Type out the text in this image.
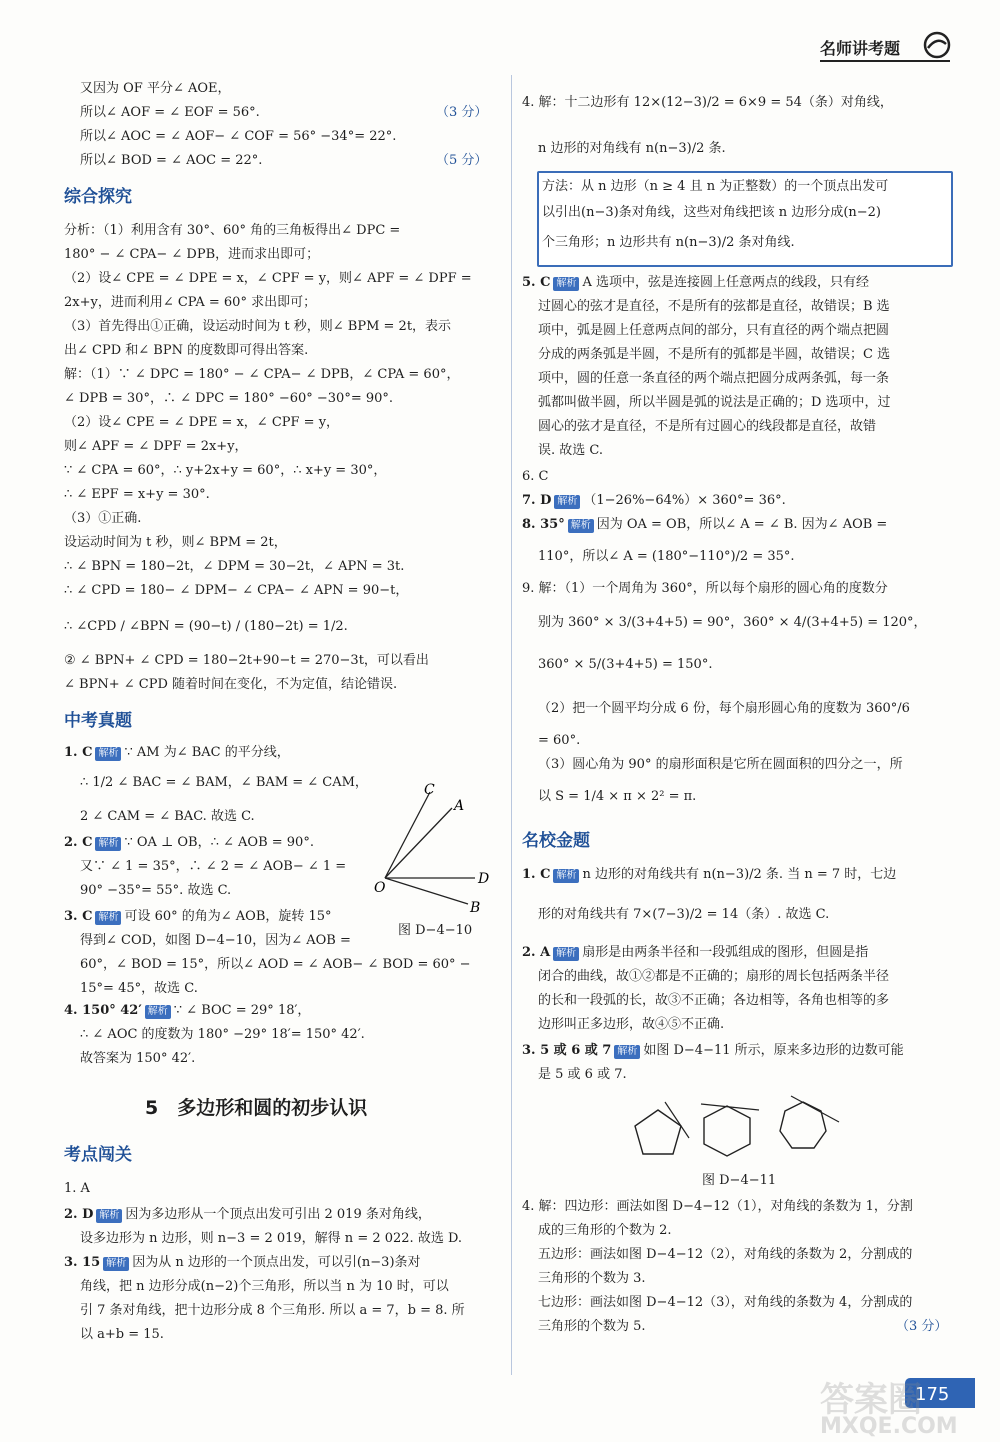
名师讲考题
又因为 OF 平分∠ AOE，
所以∠ AOF = ∠ EOF = 56°.	（3 分）
所以∠ AOC = ∠ AOF− ∠ COF = 56° −34°= 22°.
所以∠ BOD = ∠ AOC = 22°.	（5 分）
综合探究
分析：（1）利用含有 30°、60° 角的三角板得出∠ DPC =
180° − ∠ CPA− ∠ DPB，进而求出即可；
（2）设∠ CPE = ∠ DPE = x，∠ CPF = y，则∠ APF = ∠ DPF =
2x+y，进而利用∠ CPA = 60° 求出即可；
（3）首先得出①正确，设运动时间为 t 秒，则∠ BPM = 2t，表示
出∠ CPD 和∠ BPN 的度数即可得出答案.
解：（1）∵ ∠ DPC = 180° − ∠ CPA− ∠ DPB，∠ CPA = 60°，
∠ DPB = 30°，∴ ∠ DPC = 180° −60° −30°= 90°.
（2）设∠ CPE = ∠ DPE = x，∠ CPF = y，
则∠ APF = ∠ DPF = 2x+y，
∵ ∠ CPA = 60°，∴ y+2x+y = 60°，∴ x+y = 30°，
∴ ∠ EPF = x+y = 30°.
（3）①正确.
设运动时间为 t 秒，则∠ BPM = 2t，
∴ ∠ BPN = 180−2t，∠ DPM = 30−2t，∠ APN = 3t.
∴ ∠ CPD = 180− ∠ DPM− ∠ CPA− ∠ APN = 90−t，
∴ ∠CPD / ∠BPN = (90−t) / (180−2t) = 1/2.
② ∠ BPN+ ∠ CPD = 180−2t+90−t = 270−3t，可以看出
∠ BPN+ ∠ CPD 随着时间在变化，不为定值，结论错误.
中考真题
1. C 解析 ∵ AM 为∠ BAC 的平分线，
∴ 1/2 ∠ BAC = ∠ BAM，∠ BAM = ∠ CAM，
2 ∠ CAM = ∠ BAC. 故选 C.
2. C 解析 ∵ OA ⊥ OB，∴ ∠ AOB = 90°.
又∵ ∠ 1 = 35°，∴ ∠ 2 = ∠ AOB− ∠ 1 =
90° −35°= 55°. 故选 C.
3. C 解析 可设 60° 的角为∠ AOB，旋转 15°
得到∠ COD，如图 D−4−10，因为∠ AOB =
60°，∠ BOD = 15°，所以∠ AOD = ∠ AOB− ∠ BOD = 60° −
15°= 45°，故选 C.
4. 150° 42′ 解析 ∵ ∠ BOC = 29° 18′，
∴ ∠ AOC 的度数为 180° −29° 18′= 150° 42′.
故答案为 150° 42′.
5　多边形和圆的初步认识
考点闯关
1. A
2. D 解析 因为多边形从一个顶点出发可引出 2 019 条对角线，
设多边形为 n 边形，则 n−3 = 2 019，解得 n = 2 022. 故选 D.
3. 15 解析 因为从 n 边形的一个顶点出发，可以引(n−3)条对
角线，把 n 边形分成(n−2)个三角形，所以当 n 为 10 时，可以
引 7 条对角线，把十边形分成 8 个三角形. 所以 a = 7，b = 8. 所
以 a+b = 15.
4. 解：十二边形有 12×(12−3)/2 = 6×9 = 54（条）对角线，
n 边形的对角线有 n(n−3)/2 条.
方法：从 n 边形（n ≥ 4 且 n 为正整数）的一个顶点出发可
以引出(n−3)条对角线，这些对角线把该 n 边形分成(n−2)
个三角形；n 边形共有 n(n−3)/2 条对角线.
5. C 解析 A 选项中，弦是连接圆上任意两点的线段，只有经
过圆心的弦才是直径，不是所有的弦都是直径，故错误；B 选
项中，弧是圆上任意两点间的部分，只有直径的两个端点把圆
分成的两条弧是半圆，不是所有的弧都是半圆，故错误；C 选
项中，圆的任意一条直径的两个端点把圆分成两条弧，每一条
弧都叫做半圆，所以半圆是弧的说法是正确的；D 选项中，过
圆心的弦才是直径，不是所有过圆心的线段都是直径，故错
误. 故选 C.
6. C
7. D 解析 （1−26%−64%）× 360°= 36°.
8. 35° 解析 因为 OA = OB，所以∠ A = ∠ B. 因为∠ AOB =
110°，所以∠ A = (180°−110°)/2 = 35°.
9. 解：（1）一个周角为 360°，所以每个扇形的圆心角的度数分
别为 360° × 3/(3+4+5) = 90°，360° × 4/(3+4+5) = 120°，
360° × 5/(3+4+5) = 150°.
（2）把一个圆平均分成 6 份，每个扇形圆心角的度数为 360°/6
= 60°.
（3）圆心角为 90° 的扇形面积是它所在圆面积的四分之一，所
以 S = 1/4 × π × 2² = π.
名校金题
1. C 解析 n 边形的对角线共有 n(n−3)/2 条. 当 n = 7 时，七边
形的对角线共有 7×(7−3)/2 = 14（条）. 故选 C.
2. A 解析 扇形是由两条半径和一段弧组成的图形，但圆是指
闭合的曲线，故①②都是不正确的；扇形的周长包括两条半径
的长和一段弧的长，故③不正确；各边相等，各角也相等的多
边形叫正多边形，故④⑤不正确.
3. 5 或 6 或 7 解析 如图 D−4−11 所示，原来多边形的边数可能
是 5 或 6 或 7.
4. 解：四边形：画法如图 D−4−12（1），对角线的条数为 1，分割
成的三角形的个数为 2.
五边形：画法如图 D−4−12（2），对角线的条数为 2，分割成的
三角形的个数为 3.
七边形：画法如图 D−4−12（3），对角线的条数为 4，分割成的
三角形的个数为 5.	（3 分）
C
A
D
B
O
图 D−4−10
图 D−4−11
175
答案圈
MXQE.COM
